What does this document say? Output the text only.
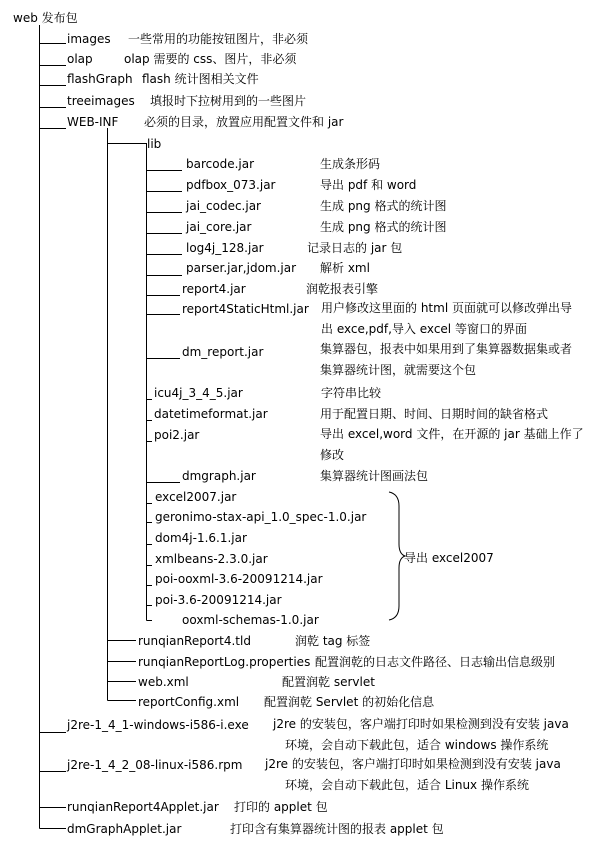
web 发布包
images 一些常用的功能按钮图片，非必须
olap	olap 需要的 css、图片，非必须
flashGraph flash 统计图相关文件
treeimages 填报时下拉树用到的一些图片
WEB-INF 必须的目录，放置应用配置文件和 jar
lib
barcode.jar	生成条形码
pdfbox_073.jar	导出 pdf 和 word
jai_codec.jar	生成 png 格式的统计图
jai_core.jar	生成 png 格式的统计图
log4j_128.jar	记录日志的 jar 包
parser.jar,jdom.jar 解析 xml
report4.jar	润乾报表引擎
report4StaticHtml.jar 用户修改这里面的 html 页面就可以修改弹出导
出 exce,pdf,导入 excel 等窗口的界面
dm_report.jar	集算器包，报表中如果用到了集算器数据集或者
集算器统计图，就需要这个包
icu4j_3_4_5.jar	字符串比较
datetimeformat.jar	用于配置日期、时间、日期时间的缺省格式
poi2.jar	导出 excel,word 文件，在开源的 jar 基础上作了
修改
dmgraph.jar	集算器统计图画法包
excel2007.jar
geronimo-stax-api_1.0_spec-1.0.jar
dom4j-1.6.1.jar
xmlbeans-2.3.0.jar
poi-ooxml-3.6-20091214.jar
poi-3.6-20091214.jar
ooxml-schemas-1.0.jar
导出 excel2007
runqianReport4.tld	润乾 tag 标签
runqianReportLog.properties 配置润乾的日志文件路径、日志输出信息级别
web.xml	配置润乾 servlet
reportConfig.xml 配置润乾 Servlet 的初始化信息
j2re-1_4_1-windows-i586-i.exe j2re 的安装包，客户端打印时如果检测到没有安装 java
环境，会自动下载此包，适合 windows 操作系统
j2re-1_4_2_08-linux-i586.rpm j2re 的安装包，客户端打印时如果检测到没有安装 java
环境，会自动下载此包，适合 Linux 操作系统
runqianReport4Applet.jar 打印的 applet 包
dmGraphApplet.jar	打印含有集算器统计图的报表 applet 包
